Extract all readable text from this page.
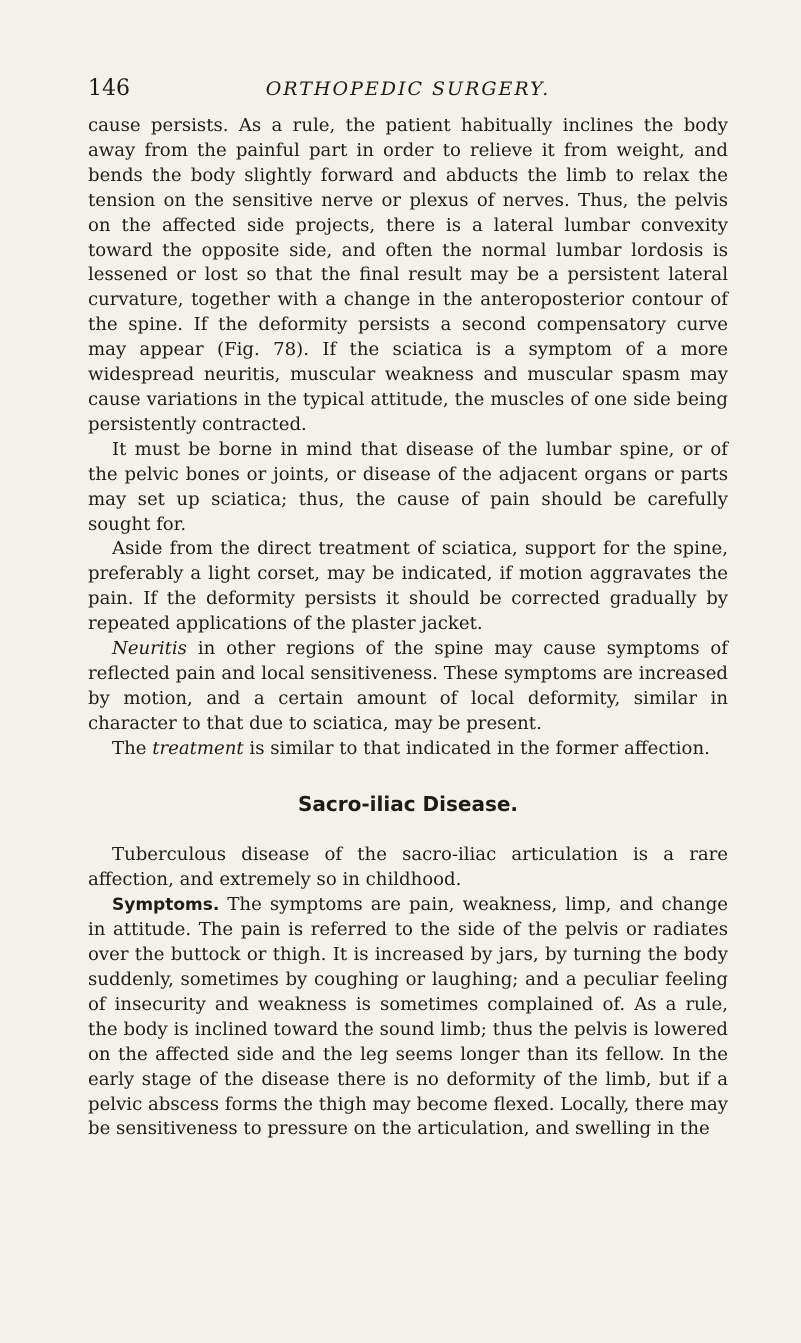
146	ORTHOPEDIC SURGERY.

cause persists. As a rule, the patient habitually inclines the body away from the painful part in order to relieve it from weight, and bends the body slightly forward and abducts the limb to relax the tension on the sensitive nerve or plexus of nerves. Thus, the pelvis on the affected side projects, there is a lateral lumbar convexity toward the opposite side, and often the normal lumbar lordosis is lessened or lost so that the final result may be a persistent lateral curvature, together with a change in the anteroposterior contour of the spine. If the deformity persists a second compensatory curve may appear (Fig. 78). If the sciatica is a symptom of a more widespread neuritis, muscular weakness and muscular spasm may cause variations in the typical attitude, the muscles of one side being persistently contracted.

It must be borne in mind that disease of the lumbar spine, or of the pelvic bones or joints, or disease of the adjacent organs or parts may set up sciatica; thus, the cause of pain should be carefully sought for.

Aside from the direct treatment of sciatica, support for the spine, preferably a light corset, may be indicated, if motion aggravates the pain. If the deformity persists it should be corrected gradually by repeated applications of the plaster jacket.

Neuritis in other regions of the spine may cause symptoms of reflected pain and local sensitiveness. These symptoms are increased by motion, and a certain amount of local deformity, similar in character to that due to sciatica, may be present.

The treatment is similar to that indicated in the former affection.

Sacro-iliac Disease.

Tuberculous disease of the sacro-iliac articulation is a rare affection, and extremely so in childhood.

Symptoms. The symptoms are pain, weakness, limp, and change in attitude. The pain is referred to the side of the pelvis or radiates over the buttock or thigh. It is increased by jars, by turning the body suddenly, sometimes by coughing or laughing; and a peculiar feeling of insecurity and weakness is sometimes complained of. As a rule, the body is inclined toward the sound limb; thus the pelvis is lowered on the affected side and the leg seems longer than its fellow. In the early stage of the disease there is no deformity of the limb, but if a pelvic abscess forms the thigh may become flexed. Locally, there may be sensitiveness to pressure on the articulation, and swelling in the
